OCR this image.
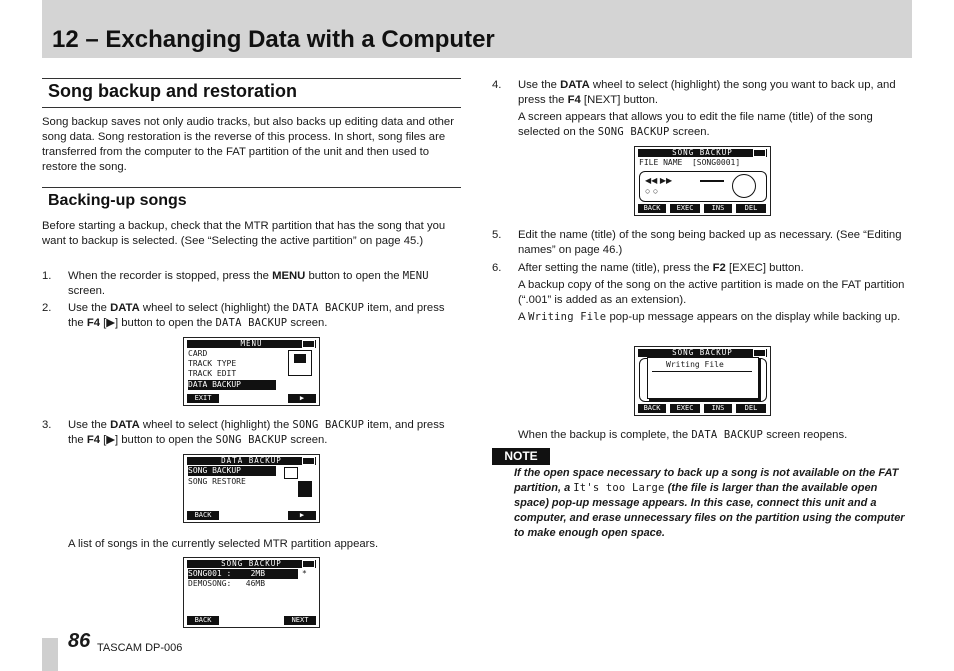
12 – Exchanging Data with a Computer
Song backup and restoration

Song backup saves not only audio tracks, but also backs up editing data and other song data. Song restoration is the reverse of this process. In short, song files are transferred from the computer to the FAT partition of the unit and then used to restore the song.

Backing-up songs

Before starting a backup, check that the MTR partition that has the song that you want to backup is selected. (See “Selecting the active partition” on page 45.)

1. When the recorder is stopped, press the MENU button to open the MENU screen.

2. Use the DATA wheel to select (highlight) the DATA BACKUP item, and press the F4 [▶] button to open the DATA BACKUP screen.

MENU
CARD
TRACK TYPE
TRACK EDIT
DATA BACKUP
EXIT	▶
3. Use the DATA wheel to select (highlight) the SONG BACKUP item, and press the F4 [▶] button to open the SONG BACKUP screen.

DATA BACKUP
SONG BACKUP
SONG RESTORE
BACK	▶

A list of songs in the currently selected MTR partition appears.

SONG BACKUP
SONG001 :    2MB	*
DEMOSONG:   46MB
BACK	NEXT
4. Use the DATA wheel to select (highlight) the song you want to back up, and press the F4 [NEXT] button.

A screen appears that allows you to edit the file name (title) of the song selected on the SONG BACKUP screen.

SONG BACKUP
FILE NAME  [SONG0001]
◀◀ ▶▶
○ ○
BACK	EXEC	INS	DEL
5. Edit the name (title) of the song being backed up as necessary. (See “Editing names” on page 46.)

6. After setting the name (title), press the F2 [EXEC] button.

A backup copy of the song on the active partition is made on the FAT partition (“.001” is added as an extension).

A Writing File pop-up message appears on the display while backing up.

SONG BACKUP
Writing File
BACK	EXEC	INS	DEL

When the backup is complete, the DATA BACKUP screen reopens.

NOTE

If the open space necessary to back up a song is not available on the FAT partition, a It's too Large (the file is larger than the available open space) pop-up message appears. In this case, connect this unit and a computer, and erase unnecessary files on the partition using the computer to make enough open space.

86 TASCAM DP-006
